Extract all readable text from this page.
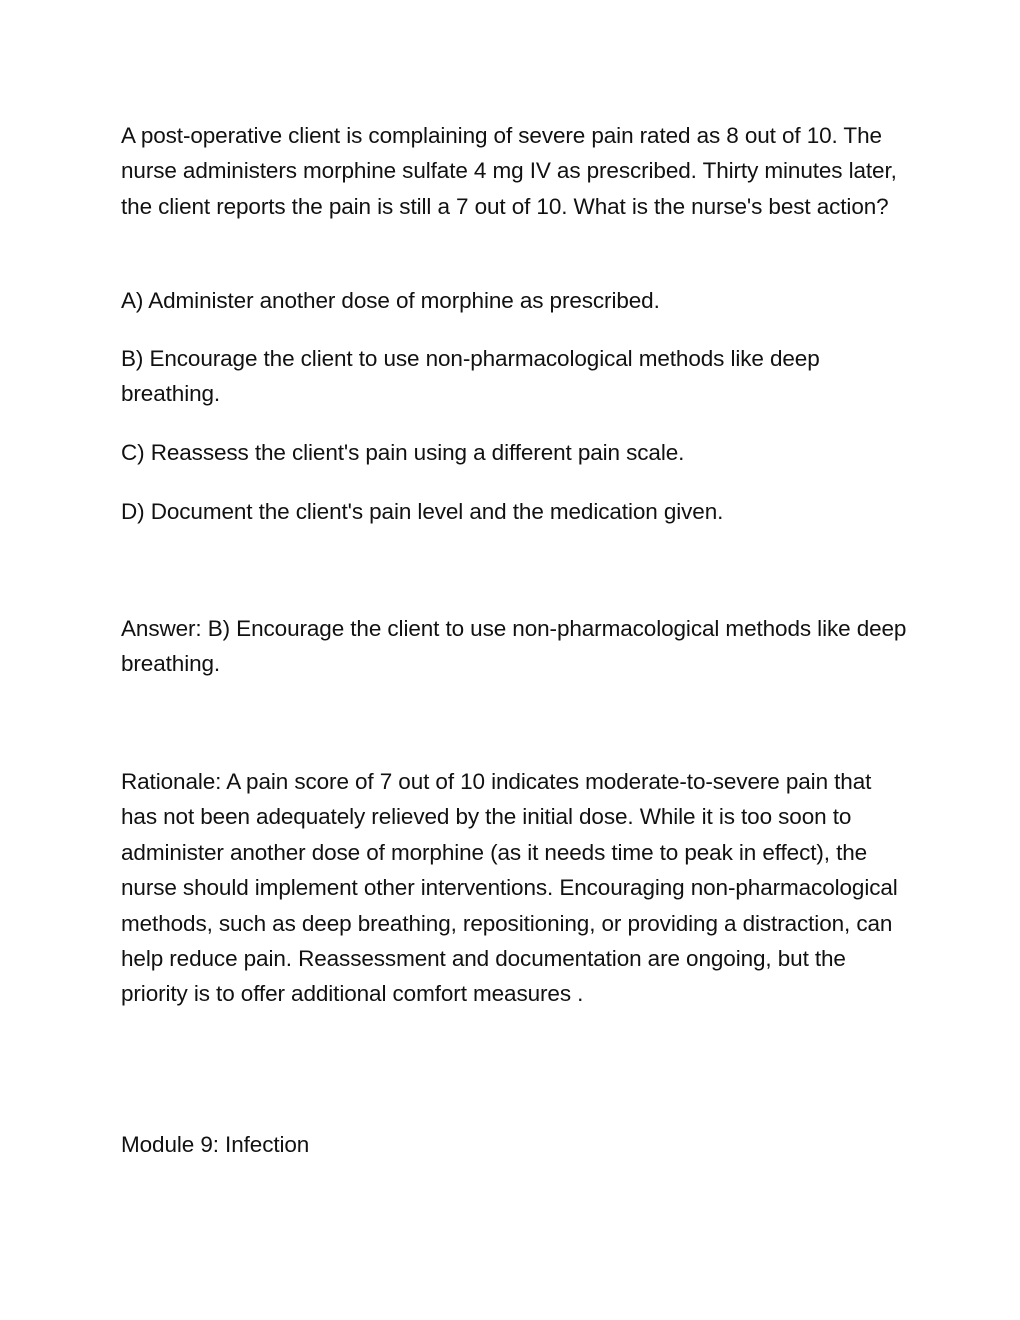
A post-operative client is complaining of severe pain rated as 8 out of 10. The nurse administers morphine sulfate 4 mg IV as prescribed. Thirty minutes later, the client reports the pain is still a 7 out of 10. What is the nurse's best action?

A) Administer another dose of morphine as prescribed.

B) Encourage the client to use non-pharmacological methods like deep breathing.

C) Reassess the client's pain using a different pain scale.

D) Document the client's pain level and the medication given.

Answer: B) Encourage the client to use non-pharmacological methods like deep breathing.

Rationale: A pain score of 7 out of 10 indicates moderate-to-severe pain that has not been adequately relieved by the initial dose. While it is too soon to administer another dose of morphine (as it needs time to peak in effect), the nurse should implement other interventions. Encouraging non-pharmacological methods, such as deep breathing, repositioning, or providing a distraction, can help reduce pain. Reassessment and documentation are ongoing, but the priority is to offer additional comfort measures .

Module 9: Infection
